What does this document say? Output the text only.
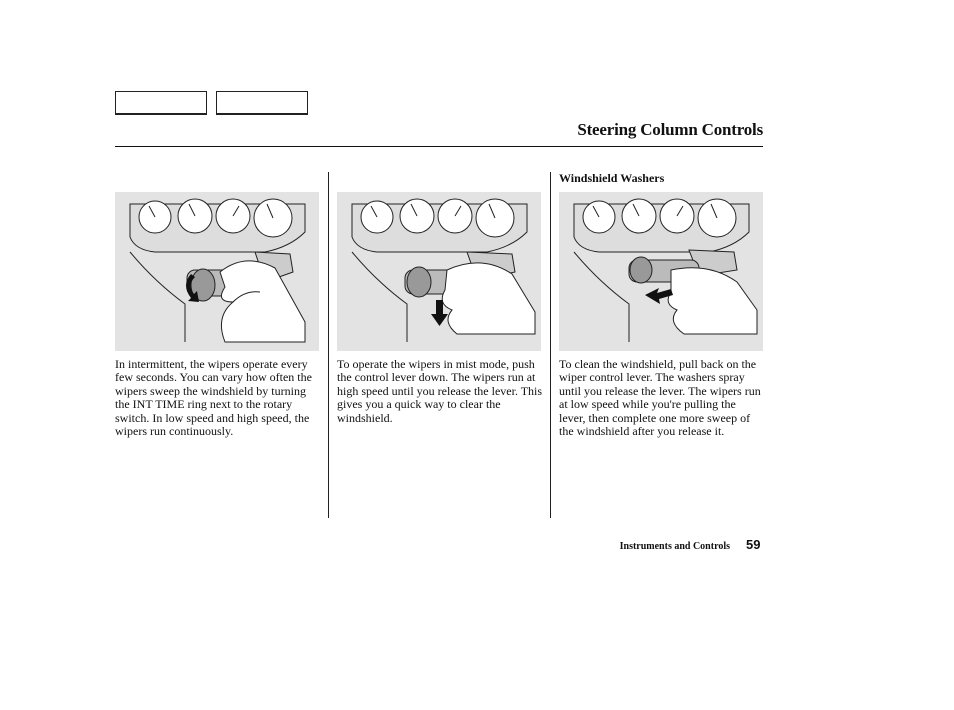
Steering Column Controls
Windshield Washers

In intermittent, the wipers operate every few seconds. You can vary how often the wipers sweep the windshield by turning the INT TIME ring next to the rotary switch. In low speed and high speed, the wipers run continuously.

To operate the wipers in mist mode, push the control lever down. The wipers run at high speed until you release the lever. This gives you a quick way to clear the windshield.

To clean the windshield, pull back on the wiper control lever. The washers spray until you release the lever. The wipers run at low speed while you're pulling the lever, then complete one more sweep of the windshield after you release it.

Instruments and Controls 59
